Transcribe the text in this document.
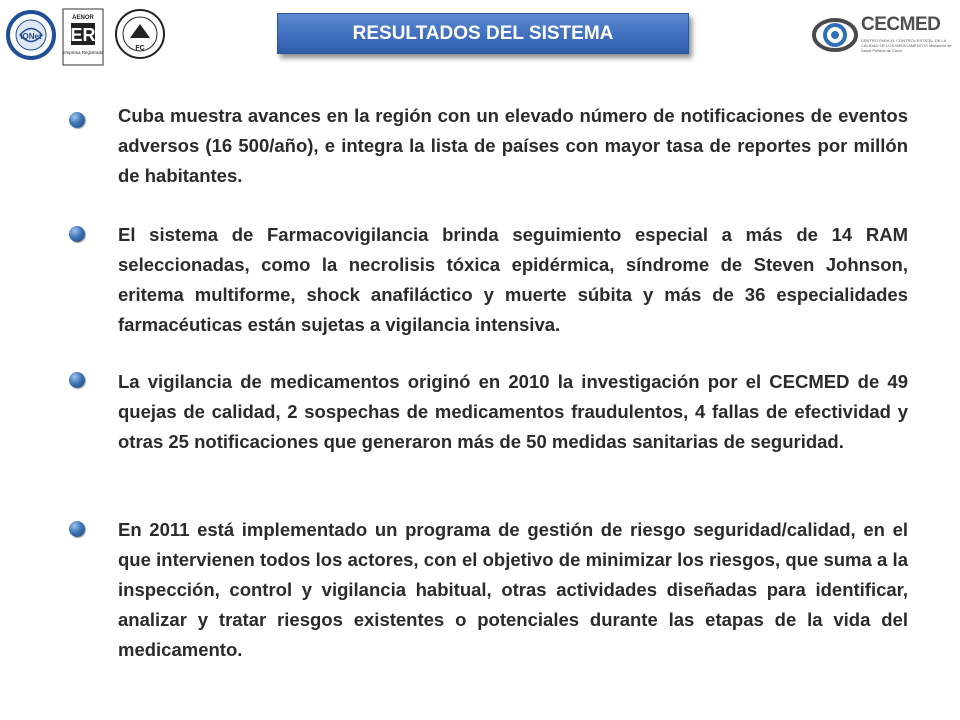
IQNet
AENOR
ER
Empresa Registrada
FC
RESULTADOS DEL SISTEMA	CECMED
CENTRO PARA EL CONTROL ESTATAL DE LA CALIDAD DE LOS MEDICAMENTOS Ministerio de Salud Pública de Cuba
Cuba muestra avances en la región con un elevado número de notificaciones de eventos adversos (16 500/año), e integra la lista de países con mayor tasa de reportes por millón de habitantes.
El sistema de Farmacovigilancia brinda seguimiento especial a más de 14 RAM seleccionadas, como la necrolisis tóxica epidérmica, síndrome de Steven Johnson, eritema multiforme, shock anafiláctico y muerte súbita y más de 36 especialidades farmacéuticas están sujetas a vigilancia intensiva.
La vigilancia de medicamentos originó en 2010 la investigación por el CECMED de 49 quejas de calidad, 2 sospechas de medicamentos fraudulentos, 4 fallas de efectividad y otras 25 notificaciones que generaron más de 50 medidas sanitarias de seguridad.
En 2011 está implementado un programa de gestión de riesgo seguridad/calidad, en el que intervienen todos los actores, con el objetivo de minimizar los riesgos, que suma a la inspección, control y vigilancia habitual, otras actividades diseñadas para identificar, analizar y tratar riesgos existentes o potenciales durante las etapas de la vida del medicamento.
